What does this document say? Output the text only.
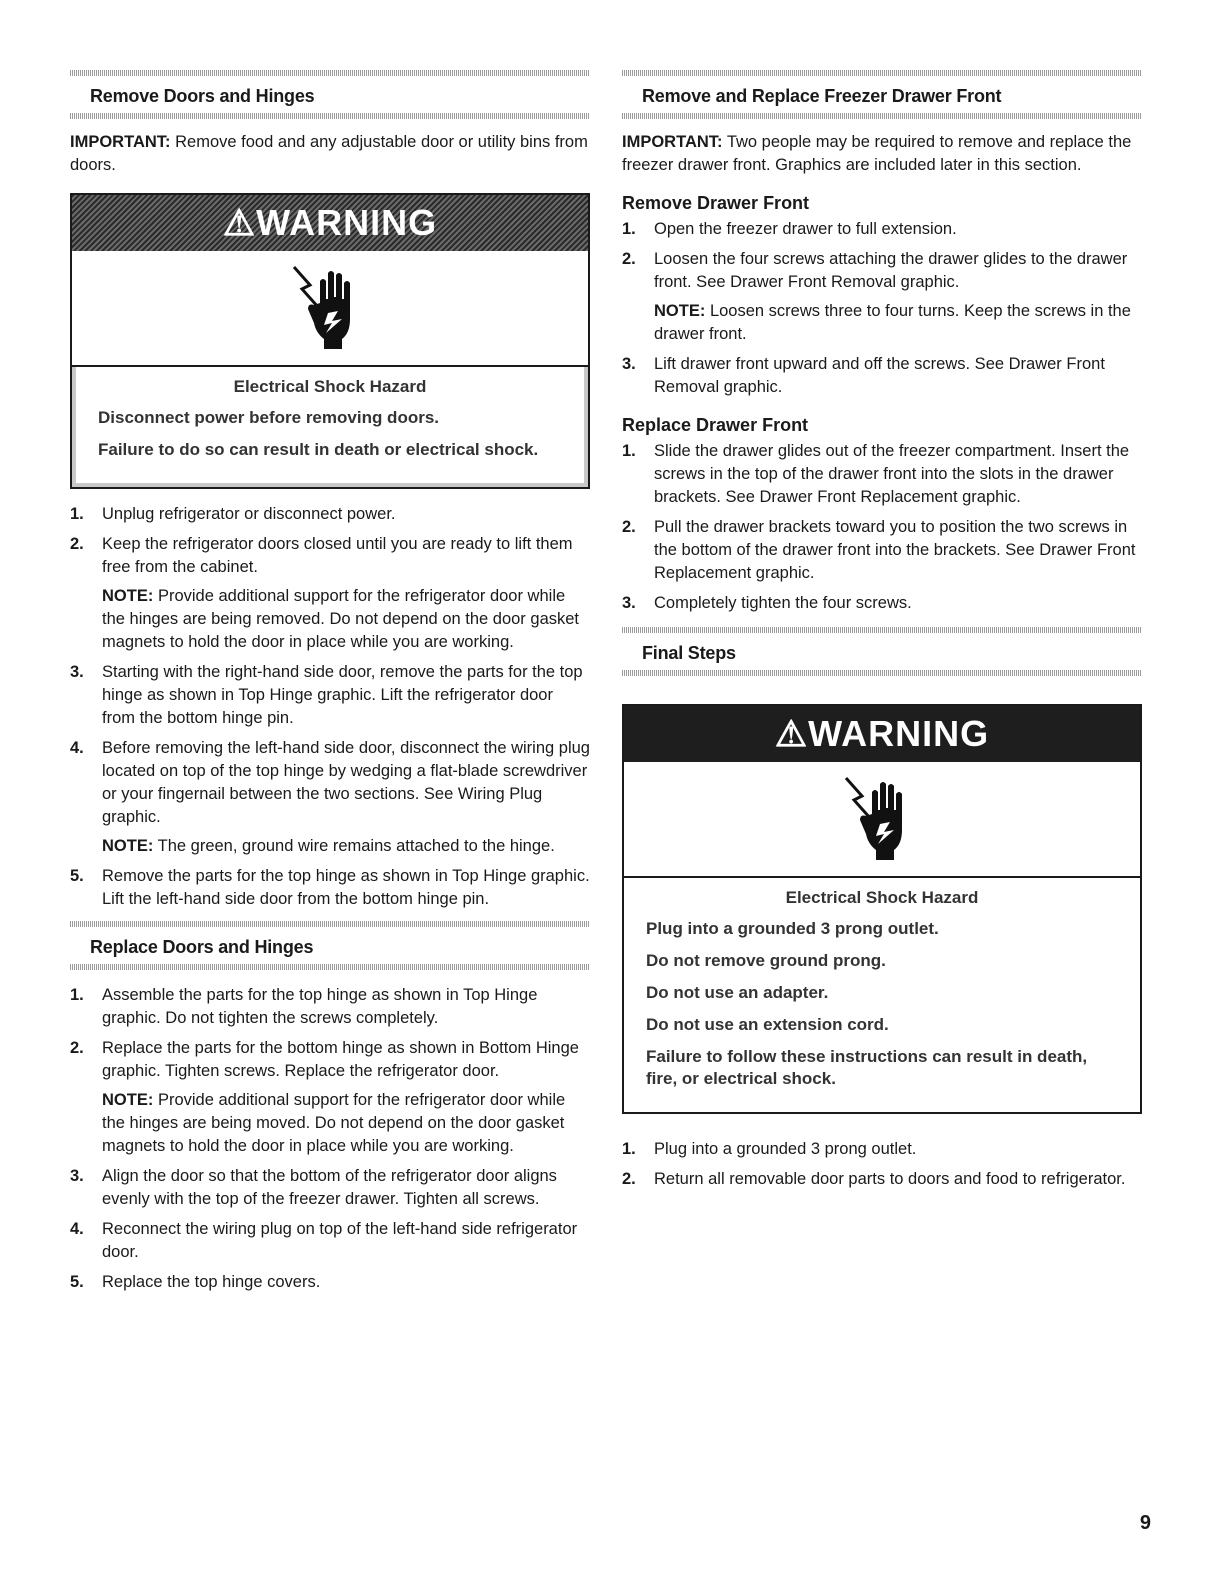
Remove Doors and Hinges

IMPORTANT: Remove food and any adjustable door or utility bins from doors.

⚠WARNING
Electrical Shock Hazard
Disconnect power before removing doors.
Failure to do so can result in death or electrical shock.
1. Unplug refrigerator or disconnect power.
2. Keep the refrigerator doors closed until you are ready to lift them free from the cabinet.
NOTE: Provide additional support for the refrigerator door while the hinges are being removed. Do not depend on the door gasket magnets to hold the door in place while you are working.
3. Starting with the right-hand side door, remove the parts for the top hinge as shown in Top Hinge graphic. Lift the refrigerator door from the bottom hinge pin.
4. Before removing the left-hand side door, disconnect the wiring plug located on top of the top hinge by wedging a flat-blade screwdriver or your fingernail between the two sections. See Wiring Plug graphic.
NOTE: The green, ground wire remains attached to the hinge.
5. Remove the parts for the top hinge as shown in Top Hinge graphic. Lift the left-hand side door from the bottom hinge pin.
Replace Doors and Hinges
1. Assemble the parts for the top hinge as shown in Top Hinge graphic. Do not tighten the screws completely.
2. Replace the parts for the bottom hinge as shown in Bottom Hinge graphic. Tighten screws. Replace the refrigerator door.
NOTE: Provide additional support for the refrigerator door while the hinges are being moved. Do not depend on the door gasket magnets to hold the door in place while you are working.
3. Align the door so that the bottom of the refrigerator door aligns evenly with the top of the freezer drawer. Tighten all screws.
4. Reconnect the wiring plug on top of the left-hand side refrigerator door.
5. Replace the top hinge covers.
Remove and Replace Freezer Drawer Front

IMPORTANT: Two people may be required to remove and replace the freezer drawer front. Graphics are included later in this section.

Remove Drawer Front
1. Open the freezer drawer to full extension.
2. Loosen the four screws attaching the drawer glides to the drawer front. See Drawer Front Removal graphic.
NOTE: Loosen screws three to four turns. Keep the screws in the drawer front.
3. Lift drawer front upward and off the screws. See Drawer Front Removal graphic.
Replace Drawer Front
1. Slide the drawer glides out of the freezer compartment. Insert the screws in the top of the drawer front into the slots in the drawer brackets. See Drawer Front Replacement graphic.
2. Pull the drawer brackets toward you to position the two screws in the bottom of the drawer front into the brackets. See Drawer Front Replacement graphic.
3. Completely tighten the four screws.
Final Steps
⚠WARNING
Electrical Shock Hazard
Plug into a grounded 3 prong outlet.
Do not remove ground prong.
Do not use an adapter.
Do not use an extension cord.
Failure to follow these instructions can result in death, fire, or electrical shock.
1. Plug into a grounded 3 prong outlet.
2. Return all removable door parts to doors and food to refrigerator.
9
